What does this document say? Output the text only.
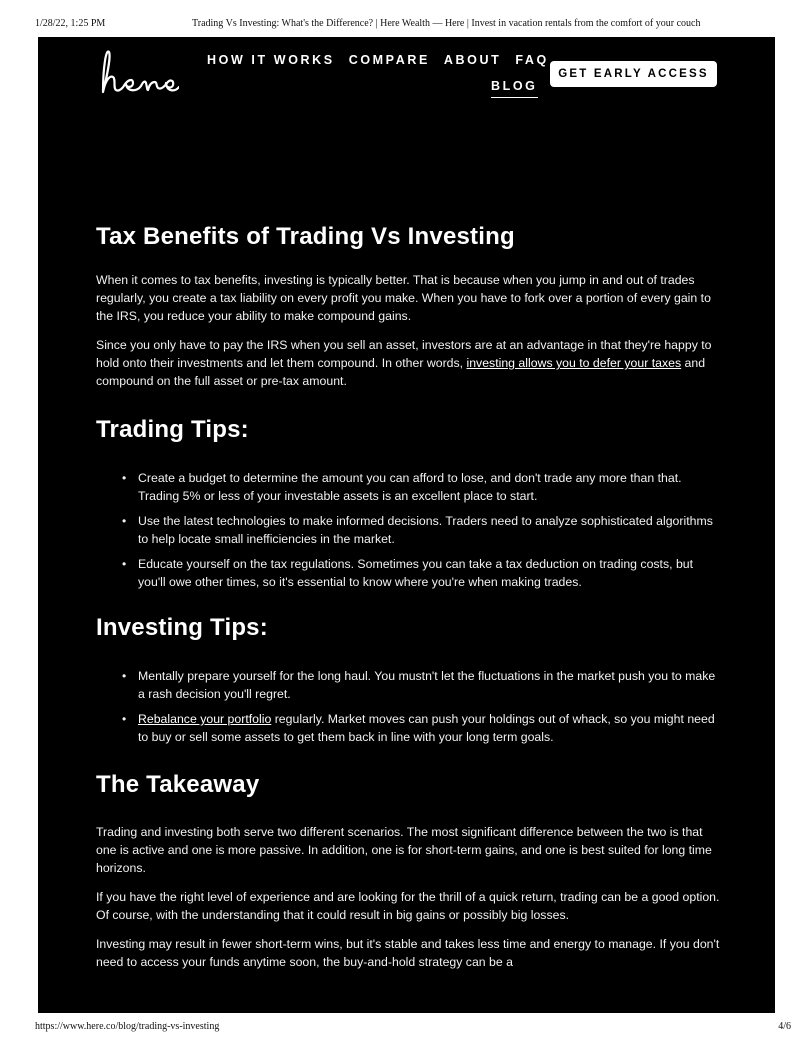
1/28/22, 1:25 PM	Trading Vs Investing: What's the Difference? | Here Wealth — Here | Invest in vacation rentals from the comfort of your couch
HOW IT WORKS COMPARE ABOUT FAQ
BLOG
GET EARLY ACCESS
Tax Benefits of Trading Vs Investing

When it comes to tax benefits, investing is typically better. That is because when you jump in and out of trades regularly, you create a tax liability on every profit you make. When you have to fork over a portion of every gain to the IRS, you reduce your ability to make compound gains.

Since you only have to pay the IRS when you sell an asset, investors are at an advantage in that they're happy to hold onto their investments and let them compound. In other words, investing allows you to defer your taxes and compound on the full asset or pre-tax amount.

Trading Tips:
• Create a budget to determine the amount you can afford to lose, and don't trade any more than that. Trading 5% or less of your investable assets is an excellent place to start.
• Use the latest technologies to make informed decisions. Traders need to analyze sophisticated algorithms to help locate small inefficiencies in the market.
• Educate yourself on the tax regulations. Sometimes you can take a tax deduction on trading costs, but you'll owe other times, so it's essential to know where you're when making trades.
Investing Tips:
• Mentally prepare yourself for the long haul. You mustn't let the fluctuations in the market push you to make a rash decision you'll regret.
• Rebalance your portfolio regularly. Market moves can push your holdings out of whack, so you might need to buy or sell some assets to get them back in line with your long term goals.
The Takeaway

Trading and investing both serve two different scenarios. The most significant difference between the two is that one is active and one is more passive. In addition, one is for short-term gains, and one is best suited for long time horizons.

If you have the right level of experience and are looking for the thrill of a quick return, trading can be a good option. Of course, with the understanding that it could result in big gains or possibly big losses.

Investing may result in fewer short-term wins, but it's stable and takes less time and energy to manage. If you don't need to access your funds anytime soon, the buy-and-hold strategy can be a

https://www.here.co/blog/trading-vs-investing	4/6
